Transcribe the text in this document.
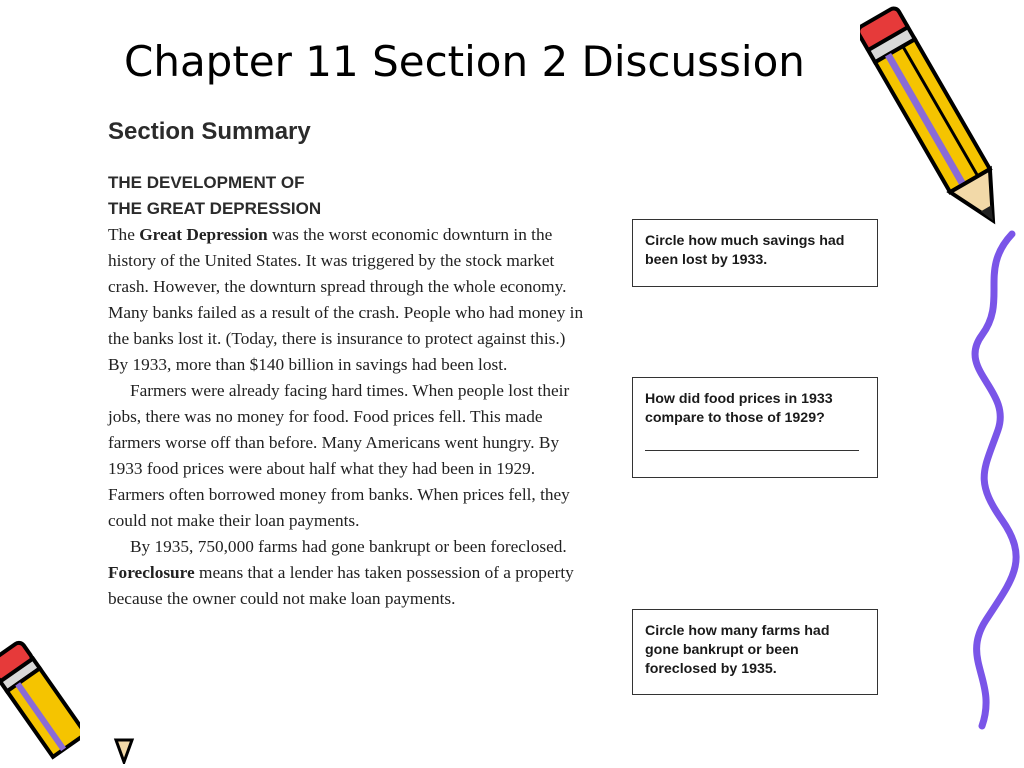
Chapter 11 Section 2 Discussion
Section Summary
THE DEVELOPMENT OF
THE GREAT DEPRESSION

The Great Depression was the worst economic downturn in the history of the United States. It was triggered by the stock market crash. However, the downturn spread through the whole economy. Many banks failed as a result of the crash. People who had money in the banks lost it. (Today, there is insurance to protect against this.) By 1933, more than $140 billion in savings had been lost.

Farmers were already facing hard times. When people lost their jobs, there was no money for food. Food prices fell. This made farmers worse off than before. Many Americans went hungry. By 1933 food prices were about half what they had been in 1929. Farmers often borrowed money from banks. When prices fell, they could not make their loan payments.

By 1935, 750,000 farms had gone bankrupt or been foreclosed. Foreclosure means that a lender has taken possession of a property because the owner could not make loan payments.

Circle how much savings had been lost by 1933.
How did food prices in 1933 compare to those of 1929?
Circle how many farms had gone bankrupt or been foreclosed by 1935.
